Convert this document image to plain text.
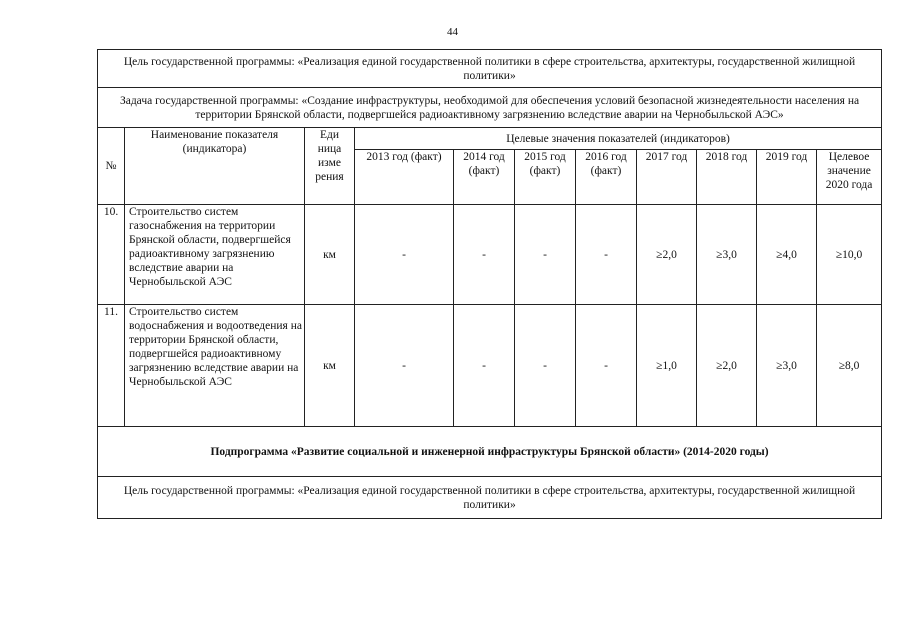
44
Цель государственной программы: «Реализация единой государственной политики в сфере строительства, архитектуры, государственной жилищной политики»										
Задача государственной программы: «Создание инфраструктуры, необходимой для обеспечения условий безопасной жизнедеятельности населения на территории Брянской области, подвергшейся радиоактивному загрязнению вследствие аварии на Чернобыльской АЭС»										
№	Наименование показателя (индикатора)	Еди ница изме рения	Целевые значения показателей (индикаторов)							
			2013 год (факт)	2014 год (факт)	2015 год (факт)	2016 год (факт)	2017 год	2018 год	2019 год	Целевое значение 2020 года
10.	Строительство систем газоснабжения на территории Брянской области, подвергшейся радиоактивному загрязнению вследствие аварии на Чернобыльской АЭС	км	-	-	-	-	≥2,0	≥3,0	≥4,0	≥10,0
11.	Строительство систем водоснабжения и водоотведения на территории Брянской области, подвергшейся радиоактивному загрязнению вследствие аварии на Чернобыльской АЭС	км	-	-	-	-	≥1,0	≥2,0	≥3,0	≥8,0
Подпрограмма «Развитие социальной и инженерной инфраструктуры Брянской области» (2014-2020 годы)										
Цель государственной программы: «Реализация единой государственной политики в сфере строительства, архитектуры, государственной жилищной политики»										
